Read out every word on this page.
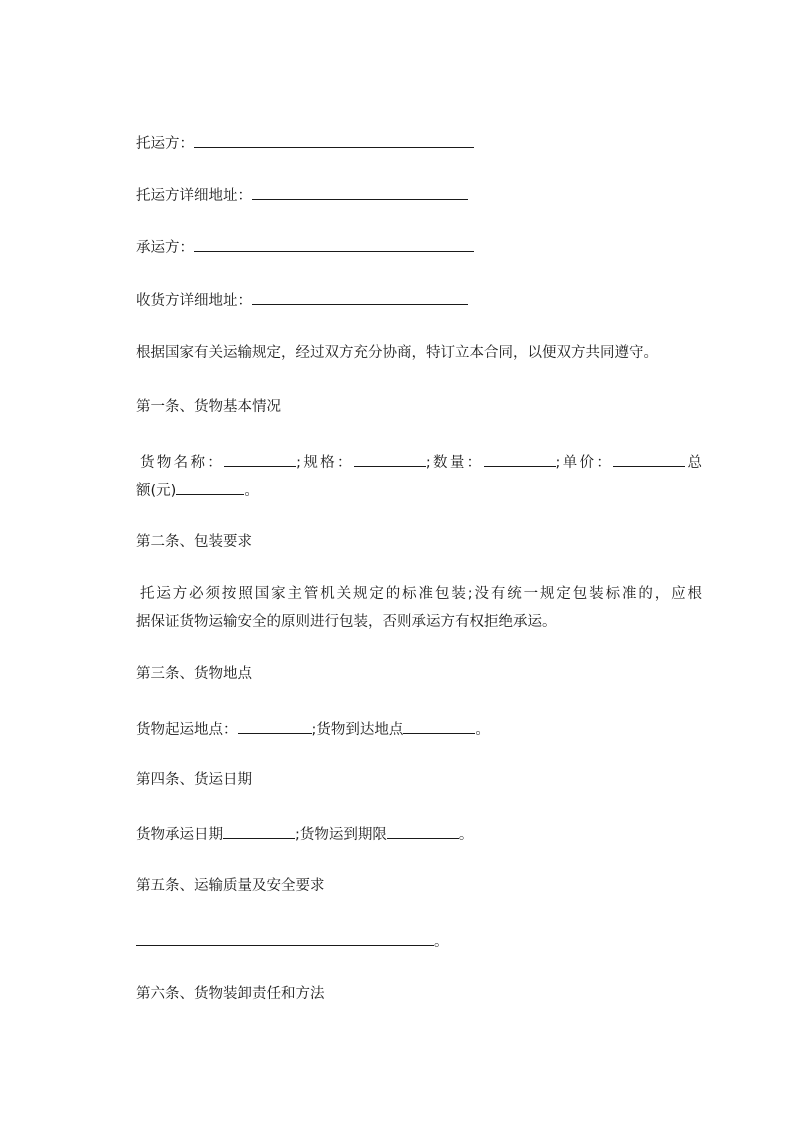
托运方：

托运方详细地址：

承运方：

收货方详细地址：

根据国家有关运输规定，经过双方充分协商，特订立本合同，以便双方共同遵守。

第一条、货物基本情况

货物名称：	;规格：	;数量：	;单价：	总
额(元)	。

第二条、包装要求

托运方必须按照国家主管机关规定的标准包装;没有统一规定包装标准的，应根
据保证货物运输安全的原则进行包装，否则承运方有权拒绝承运。

第三条、货物地点

货物起运地点：	;货物到达地点	。

第四条、货运日期

货物承运日期	;货物运到期限	。

第五条、运输质量及安全要求

。

第六条、货物装卸责任和方法
